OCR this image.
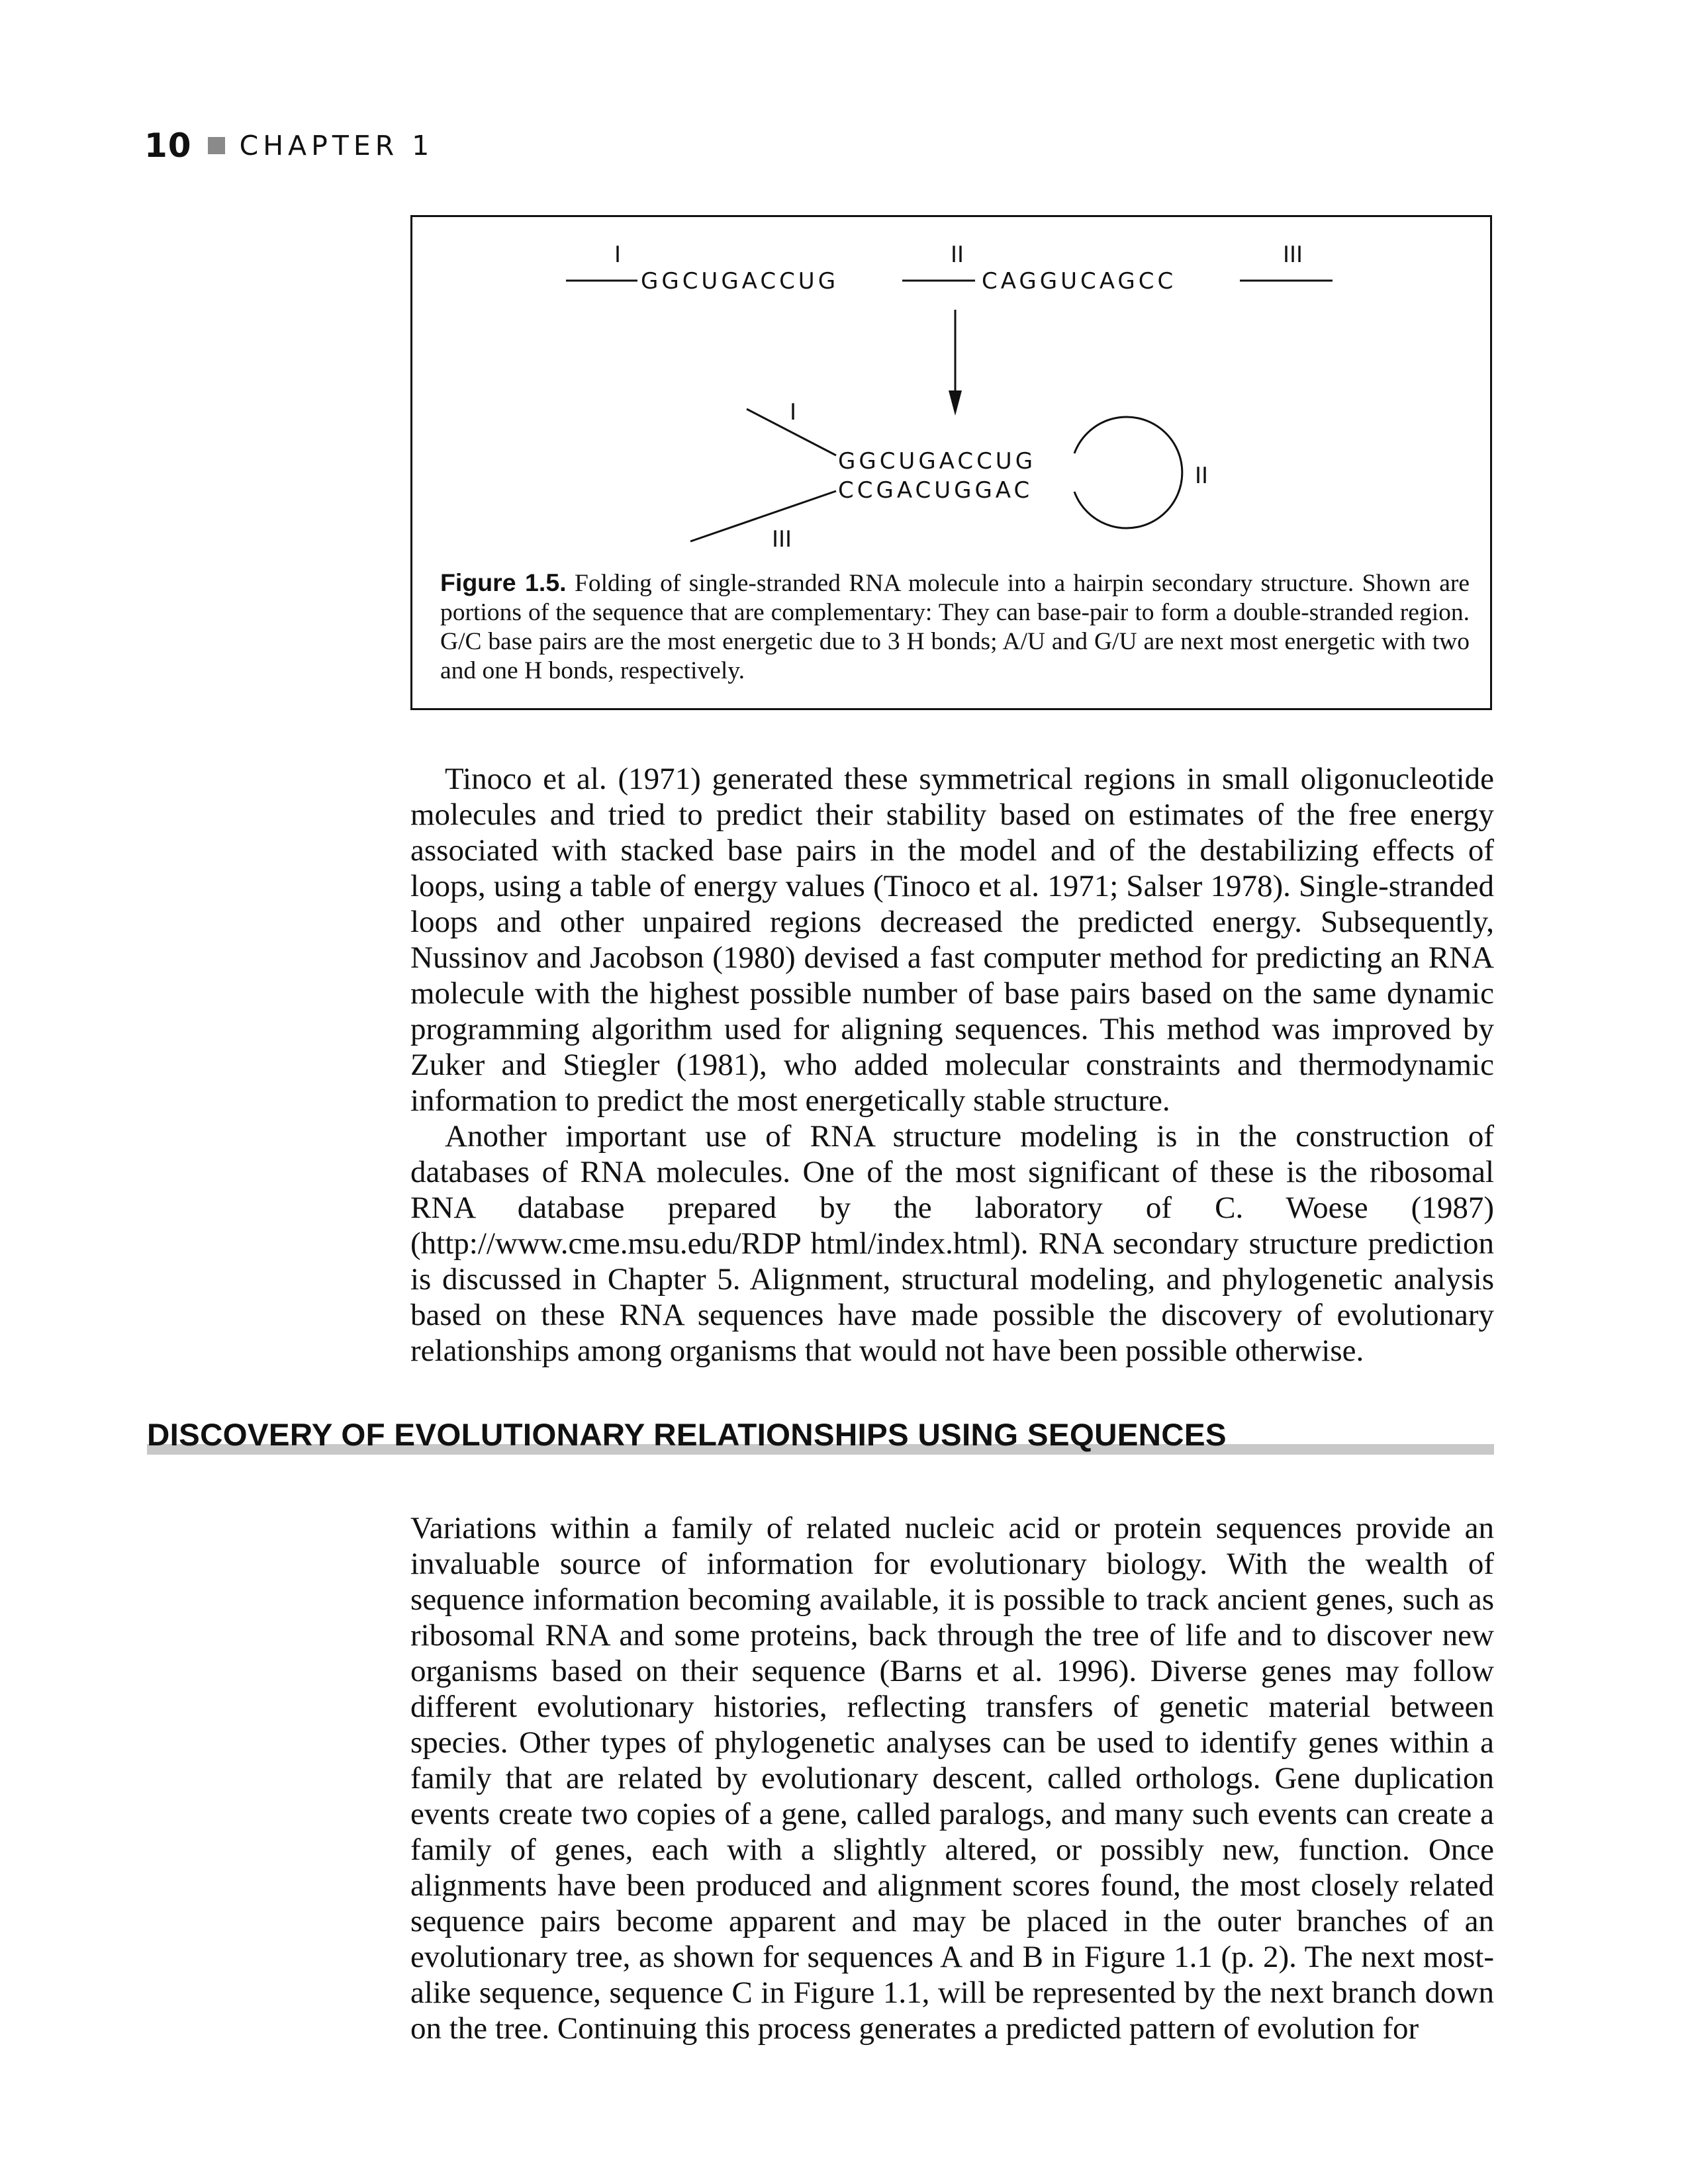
10 CHAPTER 1
I
GGCUGACCUG
II
CAGGUCAGCC
III
I
III
GGCUGACCUG
CCGACUGGAC
II
Figure 1.5. Folding of single-stranded RNA molecule into a hairpin secondary structure. Shown are portions of the sequence that are complementary: They can base-pair to form a double-stranded region. G/C base pairs are the most energetic due to 3 H bonds; A/U and G/U are next most energetic with two and one H bonds, respectively.

Tinoco et al. (1971) generated these symmetrical regions in small oligonucleotide molecules and tried to predict their stability based on estimates of the free energy associated with stacked base pairs in the model and of the destabilizing effects of loops, using a table of energy values (Tinoco et al. 1971; Salser 1978). Single-stranded loops and other unpaired regions decreased the predicted energy. Subsequently, Nussinov and Jacobson (1980) devised a fast computer method for predicting an RNA molecule with the highest possible number of base pairs based on the same dynamic programming algorithm used for aligning sequences. This method was improved by Zuker and Stiegler (1981), who added molecular constraints and thermodynamic information to predict the most energetically stable structure.

Another important use of RNA structure modeling is in the construction of databases of RNA molecules. One of the most significant of these is the ribosomal RNA database prepared by the laboratory of C. Woese (1987) (http://www.cme.msu.edu/RDP html/index.html). RNA secondary structure prediction is discussed in Chapter 5. Alignment, structural modeling, and phylogenetic analysis based on these RNA sequences have made possible the discovery of evolutionary relationships among organisms that would not have been possible otherwise.

DISCOVERY OF EVOLUTIONARY RELATIONSHIPS USING SEQUENCES

Variations within a family of related nucleic acid or protein sequences provide an invaluable source of information for evolutionary biology. With the wealth of sequence information becoming available, it is possible to track ancient genes, such as ribosomal RNA and some proteins, back through the tree of life and to discover new organisms based on their sequence (Barns et al. 1996). Diverse genes may follow different evolutionary histories, reflecting transfers of genetic material between species. Other types of phylogenetic analyses can be used to identify genes within a family that are related by evolutionary descent, called orthologs. Gene duplication events create two copies of a gene, called paralogs, and many such events can create a family of genes, each with a slightly altered, or possibly new, function. Once alignments have been produced and alignment scores found, the most closely related sequence pairs become apparent and may be placed in the outer branches of an evolutionary tree, as shown for sequences A and B in Figure 1.1 (p. 2). The next most-alike sequence, sequence C in Figure 1.1, will be represented by the next branch down on the tree. Continuing this process generates a predicted pattern of evolution for
